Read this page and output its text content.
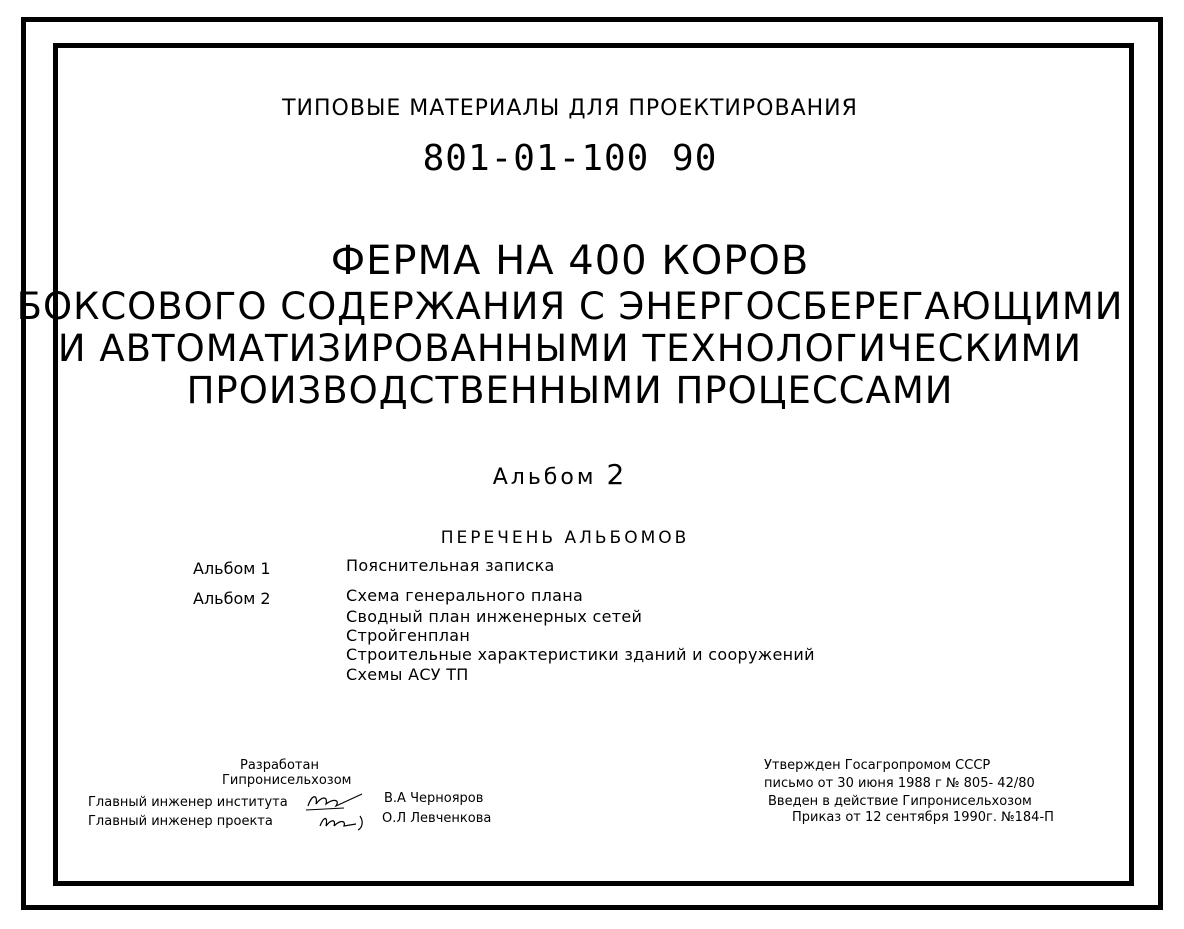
ТИПОВЫЕ МАТЕРИАЛЫ ДЛЯ ПРОЕКТИРОВАНИЯ
801-01-100 90
ФЕРМА НА 400 КОРОВ
БОКСОВОГО СОДЕРЖАНИЯ С ЭНЕРГОСБЕРЕГАЮЩИМИ
И АВТОМАТИЗИРОВАННЫМИ ТЕХНОЛОГИЧЕСКИМИ
ПРОИЗВОДСТВЕННЫМИ ПРОЦЕССАМИ
Альбом 2
ПЕРЕЧЕНЬ АЛЬБОМОВ
Альбом 1	Пояснительная записка
Альбом 2	Схема генерального плана
Сводный план инженерных сетей
Стройгенплан
Строительные характеристики зданий и сооружений
Схемы АСУ ТП
Разработан
Гипронисельхозом
Главный инженер института	В.А Чернояров
Главный инженер проекта	О.Л Левченкова
Утвержден Госагропромом СССР
письмо от 30 июня 1988 г № 805- 42/80
Введен в действие Гипронисельхозом
Приказ от 12 сентября 1990г. №184-П
